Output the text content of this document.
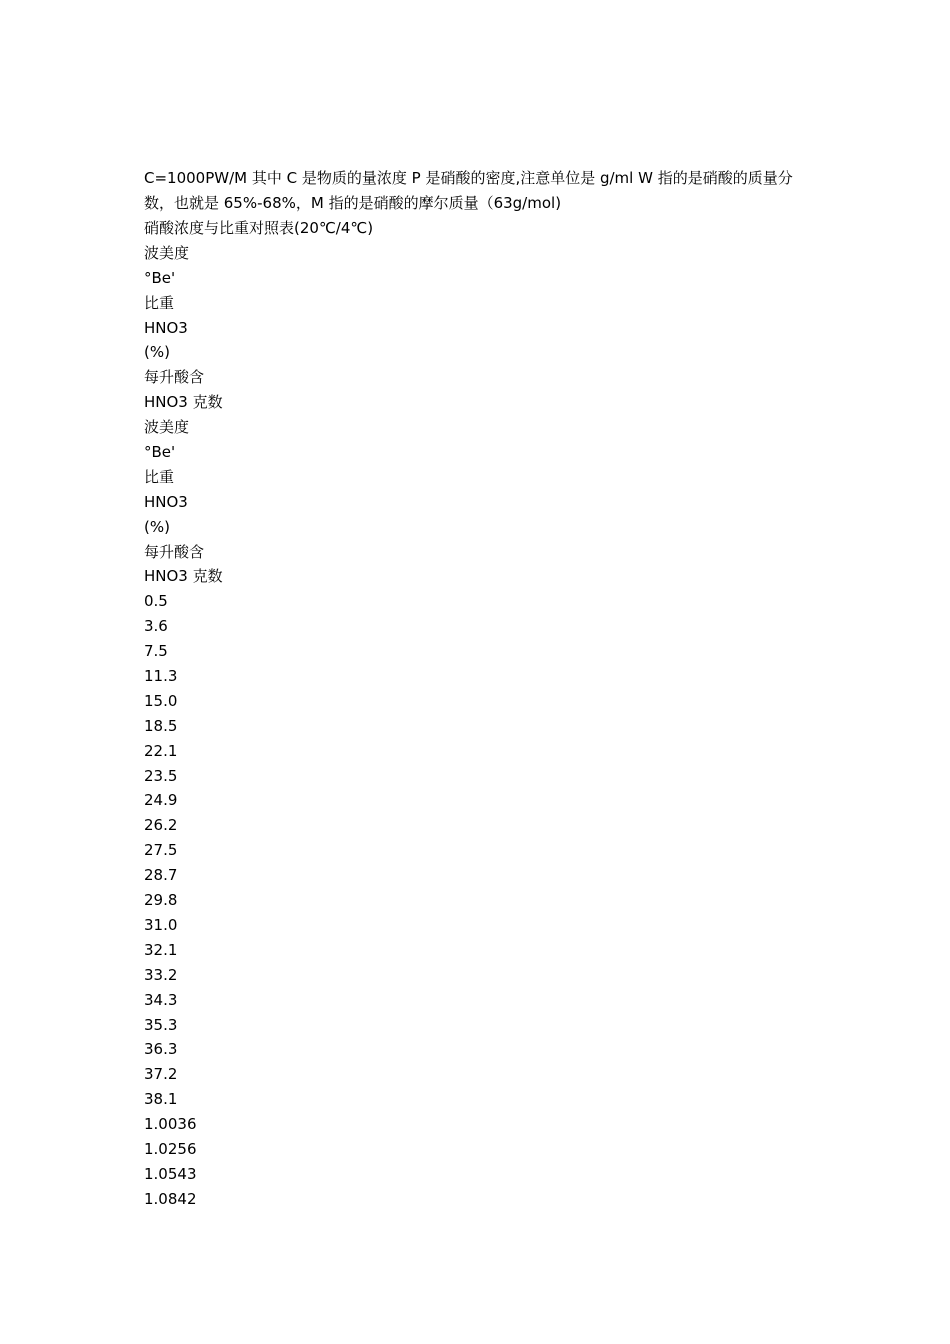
C=1000PW/M 其中 C 是物质的量浓度 P 是硝酸的密度,注意单位是 g/ml W 指的是硝酸的质量分数，也就是 65%-68%，M 指的是硝酸的摩尔质量（63g/mol)

硝酸浓度与比重对照表(20℃/4℃)

波美度

°Be'

比重

HNO3

(%)

每升酸含

HNO3 克数

波美度

°Be'

比重

HNO3

(%)

每升酸含

HNO3 克数

0.5

3.6

7.5

11.3

15.0

18.5

22.1

23.5

24.9

26.2

27.5

28.7

29.8

31.0

32.1

33.2

34.3

35.3

36.3

37.2

38.1

1.0036

1.0256

1.0543

1.0842
